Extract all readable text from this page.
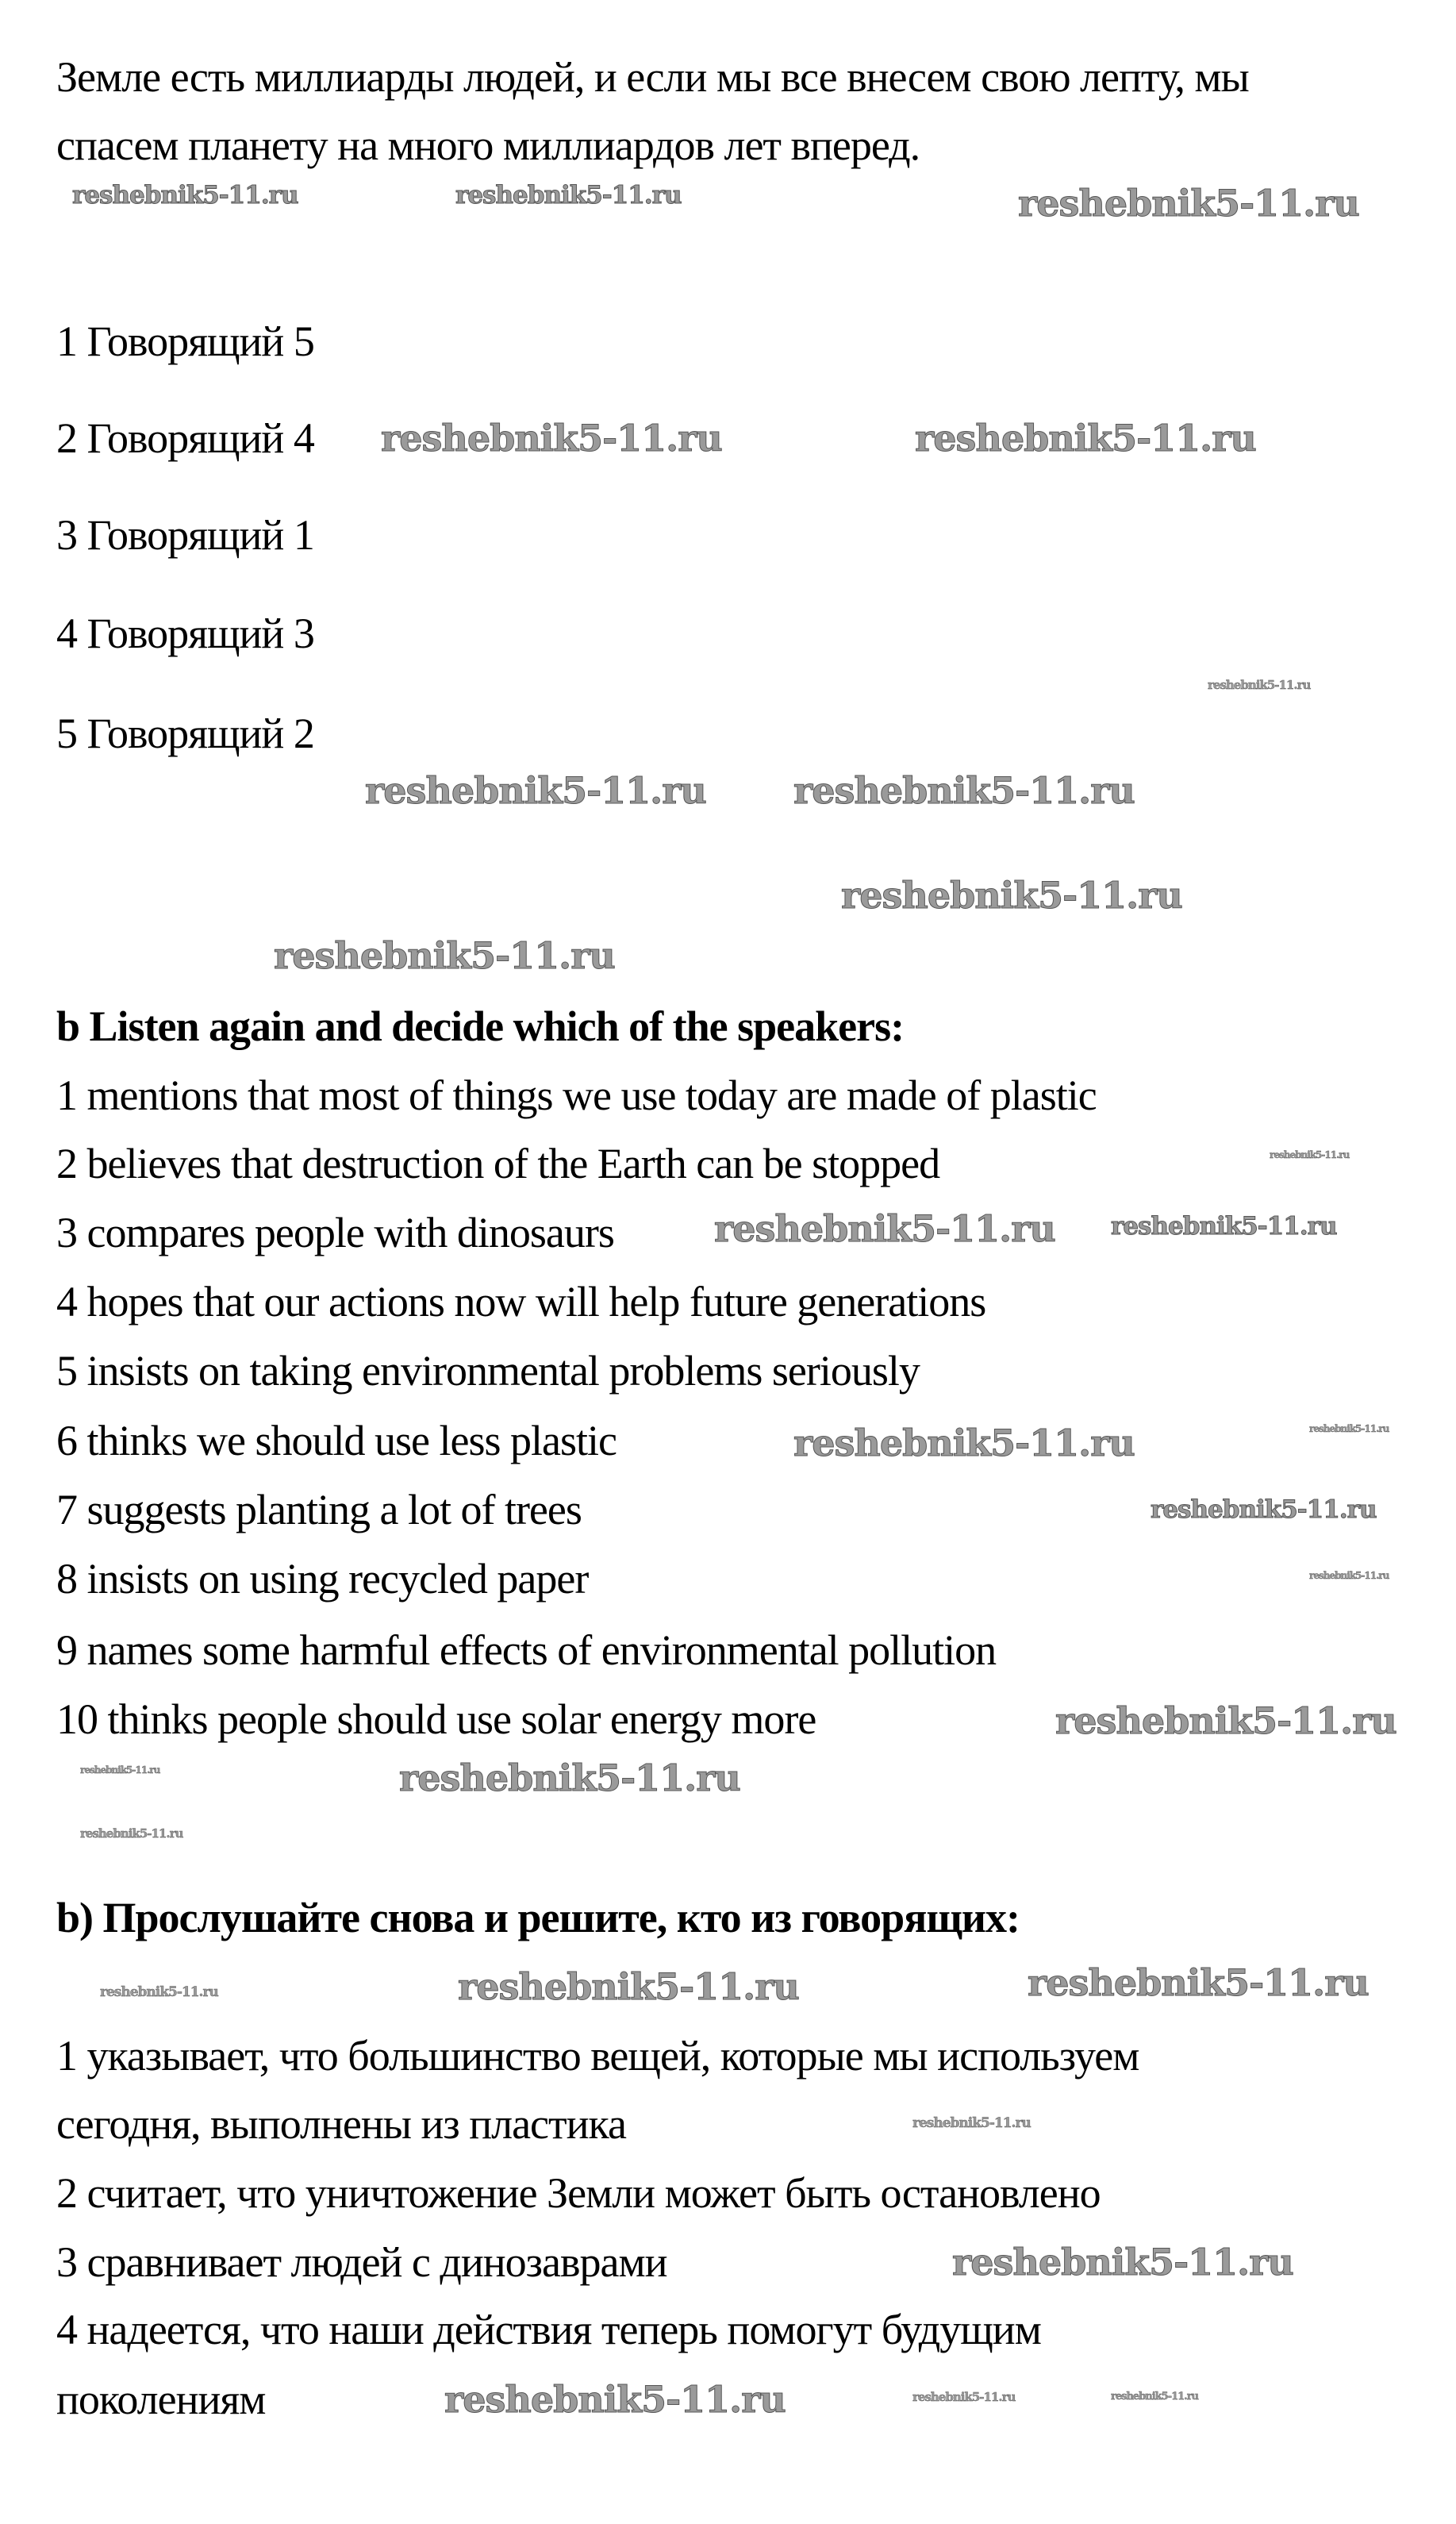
Земле есть миллиарды людей, и если мы все внесем свою лепту, мы
спасем планету на много миллиардов лет вперед.
1 Говорящий 5
2 Говорящий 4
3 Говорящий 1
4 Говорящий 3
5 Говорящий 2
b Listen again and decide which of the speakers:
1 mentions that most of things we use today are made of plastic
2 believes that destruction of the Earth can be stopped
3 compares people with dinosaurs
4 hopes that our actions now will help future generations
5 insists on taking environmental problems seriously
6 thinks we should use less plastic
7 suggests planting a lot of trees
8 insists on using recycled paper
9 names some harmful effects of environmental pollution
10 thinks people should use solar energy more
b) Прослушайте снова и решите, кто из говорящих:
1 указывает, что большинство вещей, которые мы используем
сегодня, выполнены из пластика
2 считает, что уничтожение Земли может быть остановлено
3 сравнивает людей с динозаврами
4 надеется, что наши действия теперь помогут будущим
поколениям
reshebnik5-11.ru	reshebnik5-11.ru	reshebnik5-11.ru
reshebnik5-11.ru	reshebnik5-11.ru
reshebnik5-11.ru reshebnik5-11.ru
reshebnik5-11.ru
reshebnik5-11.ru
reshebnik5-11.ru
reshebnik5-11.ru
reshebnik5-11.ru
reshebnik5-11.ru
reshebnik5-11.ru
reshebnik5-11.ru
reshebnik5-11.ru
reshebnik5-11.ru
reshebnik5-11.ru
reshebnik5-11.ru
reshebnik5-11.ru
reshebnik5-11.ru
reshebnik5-11.ru
reshebnik5-11.ru	reshebnik5-11.ru
reshebnik5-11.ru
reshebnik5-11.ru
reshebnik5-11.ru	reshebnik5-11.ru
reshebnik5-11.ru
